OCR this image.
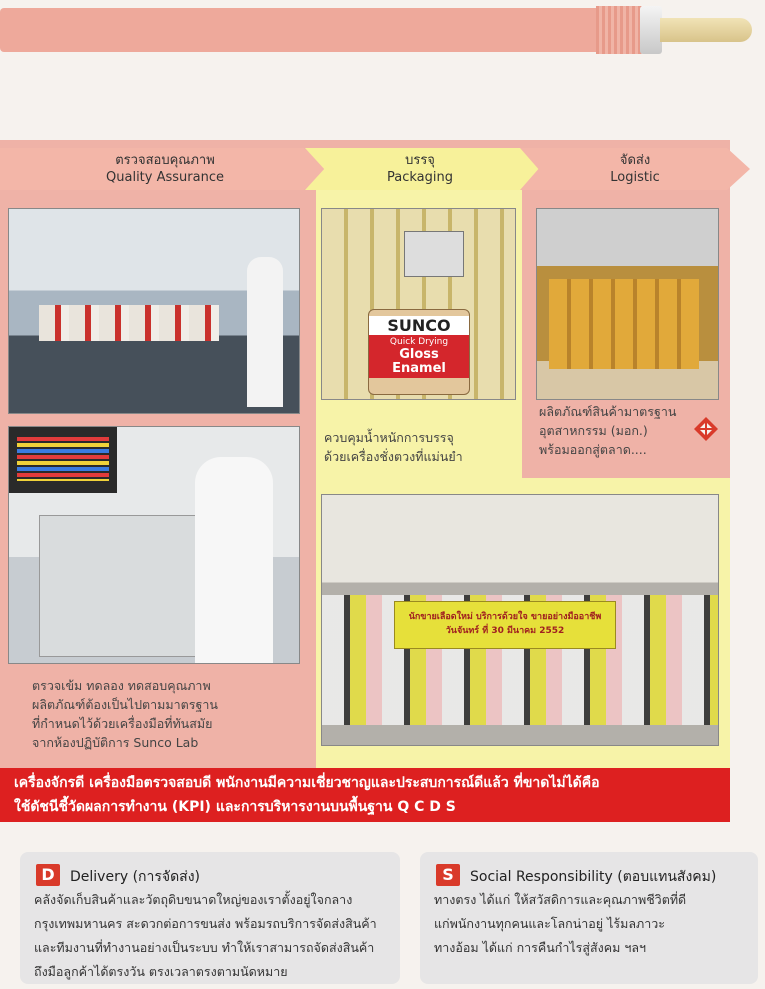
ตรวจสอบคุณภาพ
Quality Assurance
บรรจุ
Packaging
จัดส่ง
Logistic
SUNCO
Quick Drying
Gloss
Enamel
นักขายเลือดใหม่ บริการด้วยใจ ขายอย่างมืออาชีพ
วันจันทร์ ที่ 30 มีนาคม 2552
ควบคุมน้ำหนักการบรรจุ
ด้วยเครื่องชั่งตวงที่แม่นยำ
ผลิตภัณฑ์สินค้ามาตรฐาน
อุตสาหกรรม (มอก.)
พร้อมออกสู่ตลาด....
ตรวจเข้ม ทดลอง ทดสอบคุณภาพ
ผลิตภัณฑ์ต้องเป็นไปตามมาตรฐาน
ที่กำหนดไว้ด้วยเครื่องมือที่ทันสมัย
จากห้องปฏิบัติการ Sunco Lab
เครื่องจักรดี เครื่องมือตรวจสอบดี พนักงานมีความเชี่ยวชาญและประสบการณ์ดีแล้ว ที่ขาดไม่ได้คือ
ใช้ดัชนีชี้วัดผลการทำงาน (KPI) และการบริหารงานบนพื้นฐาน Q C D S
D	Delivery (การจัดส่ง)
คลังจัดเก็บสินค้าและวัตถุดิบขนาดใหญ่ของเราตั้งอยู่ใจกลาง
กรุงเทพมหานคร สะดวกต่อการขนส่ง พร้อมรถบริการจัดส่งสินค้า
และทีมงานที่ทำงานอย่างเป็นระบบ ทำให้เราสามารถจัดส่งสินค้า
ถึงมือลูกค้าได้ตรงวัน ตรงเวลาตรงตามนัดหมาย
S	Social Responsibility (ตอบแทนสังคม)
ทางตรง ได้แก่ ให้สวัสดิการและคุณภาพชีวิตที่ดี
แก่พนักงานทุกคนและโลกน่าอยู่ ไร้มลภาวะ
ทางอ้อม ได้แก่ การคืนกำไรสู่สังคม ฯลฯ
